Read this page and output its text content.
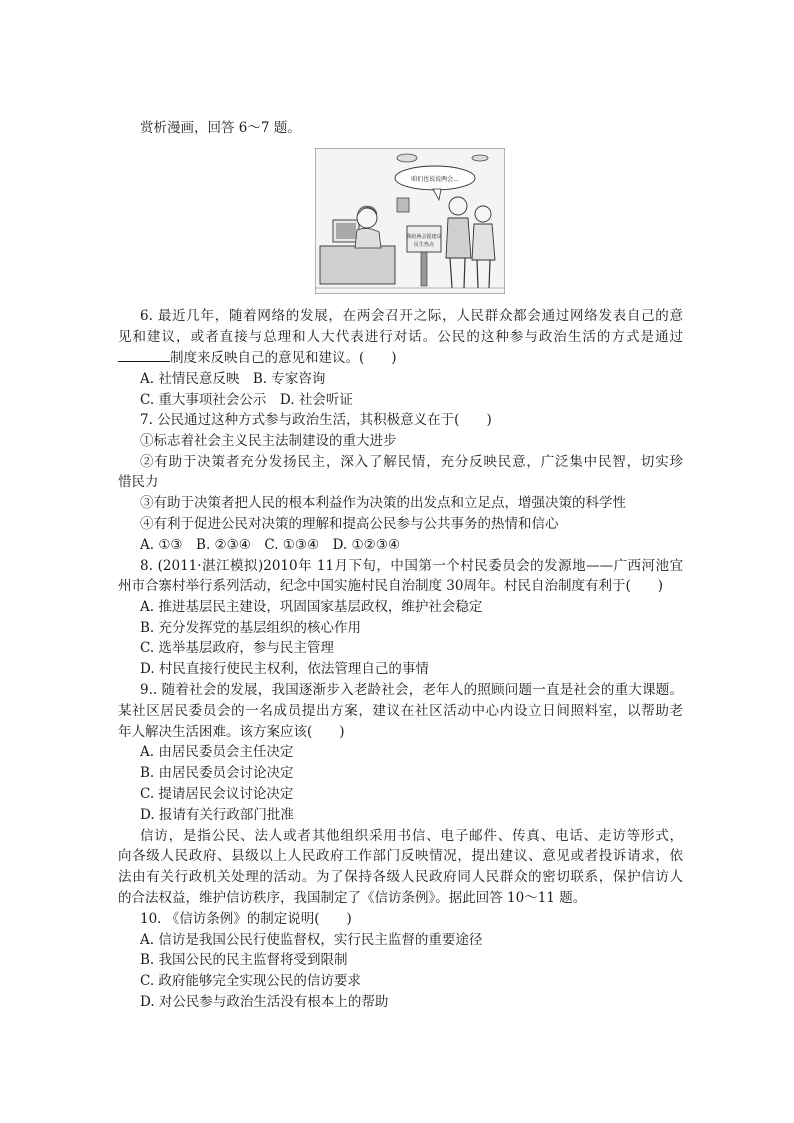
赏析漫画，回答 6～7 题。
咱们也说说两会...
我给两会提建议
民生热点
6. 最近几年，随着网络的发展，在两会召开之际，人民群众都会通过网络发表自己的意
见和建议，或者直接与总理和人大代表进行对话。公民的这种参与政治生活的方式是通过
制度来反映自己的意见和建议。(　　)
A. 社情民意反映　B. 专家咨询
C. 重大事项社会公示　D. 社会听证
7. 公民通过这种方式参与政治生活，其积极意义在于(　　)
①标志着社会主义民主法制建设的重大进步
②有助于决策者充分发扬民主，深入了解民情，充分反映民意，广泛集中民智，切实珍
惜民力
③有助于决策者把人民的根本利益作为决策的出发点和立足点，增强决策的科学性
④有利于促进公民对决策的理解和提高公民参与公共事务的热情和信心
A. ①③　B. ②③④　C. ①③④　D. ①②③④
8. (2011·湛江模拟)2010年 11月下旬，中国第一个村民委员会的发源地——广西河池宜
州市合寨村举行系列活动，纪念中国实施村民自治制度 30周年。村民自治制度有利于(　　)
A. 推进基层民主建设，巩固国家基层政权，维护社会稳定
B. 充分发挥党的基层组织的核心作用
C. 选举基层政府，参与民主管理
D. 村民直接行使民主权利，依法管理自己的事情
9.. 随着社会的发展，我国逐渐步入老龄社会，老年人的照顾问题一直是社会的重大课题。
某社区居民委员会的一名成员提出方案，建议在社区活动中心内设立日间照料室，以帮助老
年人解决生活困难。该方案应该(　　)
A. 由居民委员会主任决定
B. 由居民委员会讨论决定
C. 提请居民会议讨论决定
D. 报请有关行政部门批准
信访，是指公民、法人或者其他组织采用书信、电子邮件、传真、电话、走访等形式，
向各级人民政府、县级以上人民政府工作部门反映情况，提出建议、意见或者投诉请求，依
法由有关行政机关处理的活动。为了保持各级人民政府同人民群众的密切联系，保护信访人
的合法权益，维护信访秩序，我国制定了《信访条例》。据此回答 10～11 题。
10. 《信访条例》的制定说明(　　)
A. 信访是我国公民行使监督权，实行民主监督的重要途径
B. 我国公民的民主监督将受到限制
C. 政府能够完全实现公民的信访要求
D. 对公民参与政治生活没有根本上的帮助
